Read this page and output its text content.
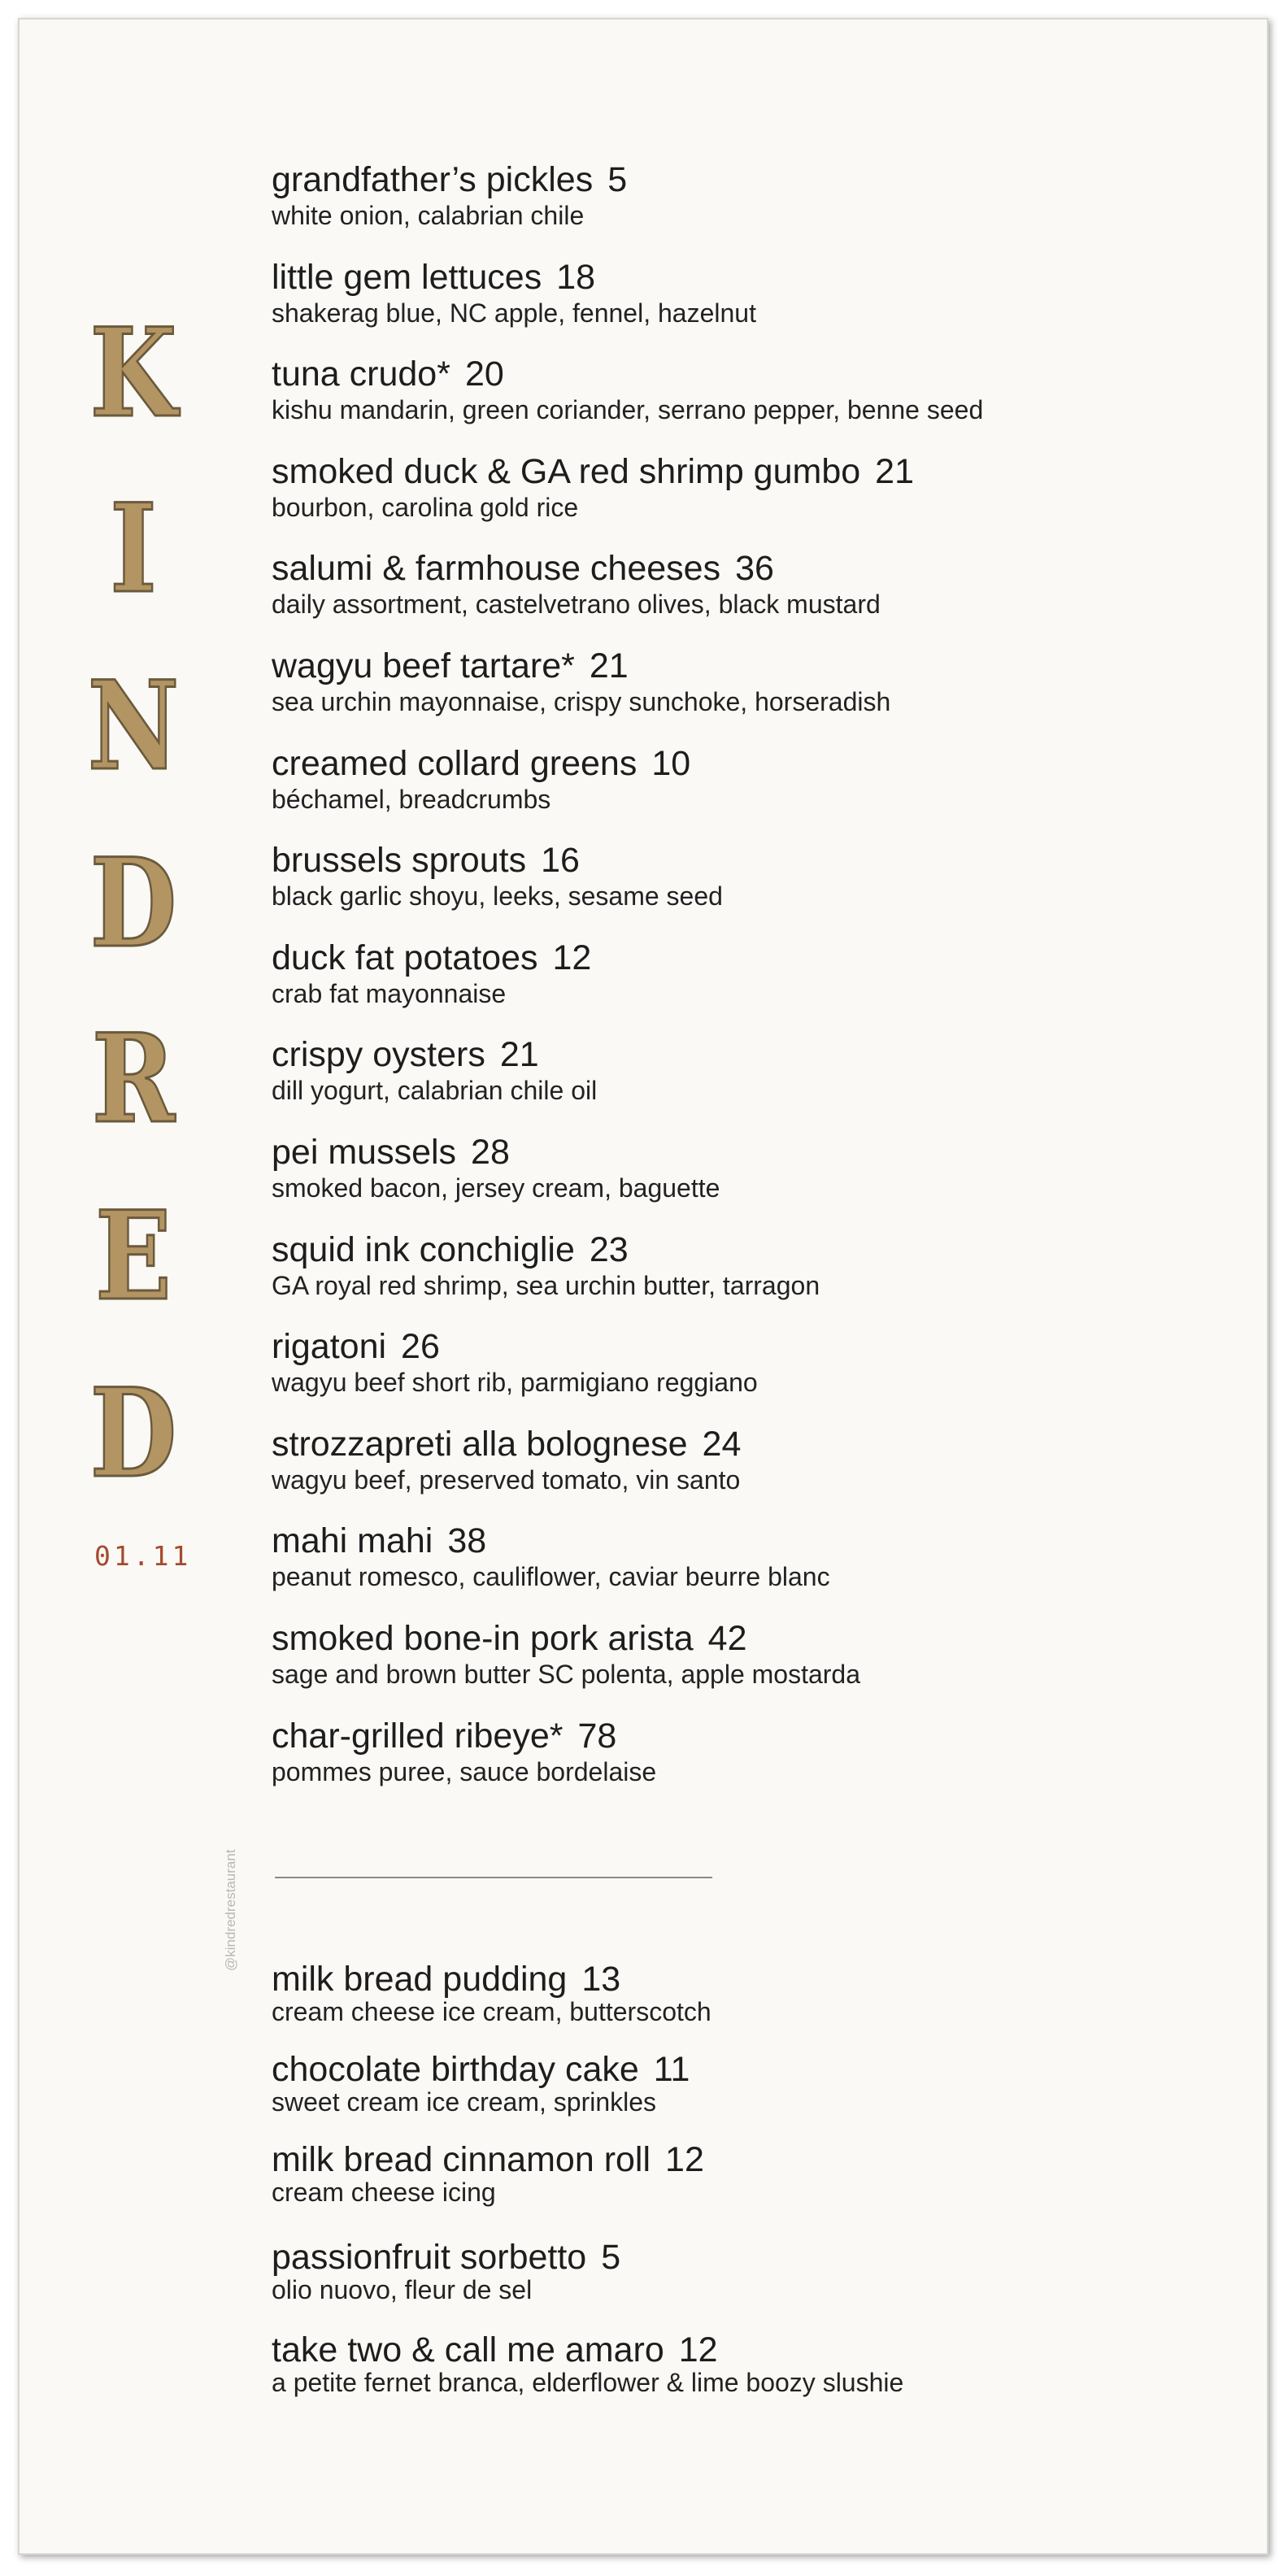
K
I
N
D
R
E
D
01.11
@kindredrestaurant
grandfather’s pickles 5
white onion, calabrian chile
little gem lettuces 18
shakerag blue, NC apple, fennel, hazelnut
tuna crudo* 20
kishu mandarin, green coriander, serrano pepper, benne seed
smoked duck & GA red shrimp gumbo 21
bourbon, carolina gold rice
salumi & farmhouse cheeses 36
daily assortment, castelvetrano olives, black mustard
wagyu beef tartare* 21
sea urchin mayonnaise, crispy sunchoke, horseradish
creamed collard greens 10
béchamel, breadcrumbs
brussels sprouts 16
black garlic shoyu, leeks, sesame seed
duck fat potatoes 12
crab fat mayonnaise
crispy oysters 21
dill yogurt, calabrian chile oil
pei mussels 28
smoked bacon, jersey cream, baguette
squid ink conchiglie 23
GA royal red shrimp, sea urchin butter, tarragon
rigatoni 26
wagyu beef short rib, parmigiano reggiano
strozzapreti alla bolognese 24
wagyu beef, preserved tomato, vin santo
mahi mahi 38
peanut romesco, cauliflower, caviar beurre blanc
smoked bone-in pork arista 42
sage and brown butter SC polenta, apple mostarda
char-grilled ribeye* 78
pommes puree, sauce bordelaise
milk bread pudding 13
cream cheese ice cream, butterscotch
chocolate birthday cake 11
sweet cream ice cream, sprinkles
milk bread cinnamon roll 12
cream cheese icing
passionfruit sorbetto 5
olio nuovo, fleur de sel
take two & call me amaro 12
a petite fernet branca, elderflower & lime boozy slushie
